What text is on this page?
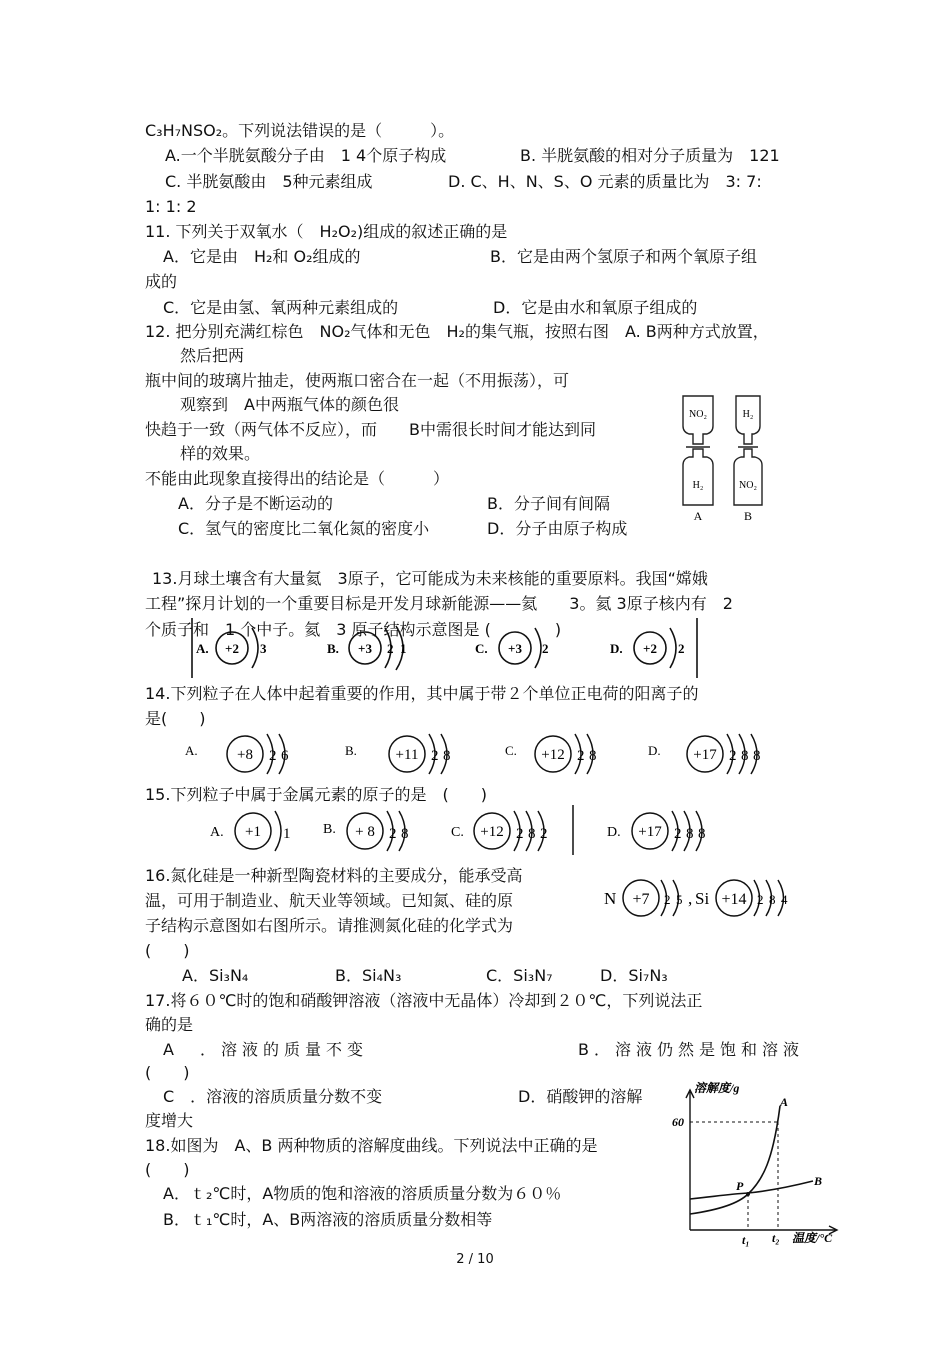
C₃H₇NSO₂。下列说法错误的是（　　　）。
A.一个半胱氨酸分子由　1 4个原子构成	B. 半胱氨酸的相对分子质量为　121
C. 半胱氨酸由　5种元素组成	D. C、H、N、S、O 元素的质量比为　3: 7:
1: 1: 2
11. 下列关于双氧水（　H₂O₂)组成的叙述正确的是
A．它是由　H₂和 O₂组成的	B．它是由两个氢原子和两个氧原子组
成的
C．它是由氢、氧两种元素组成的	D．它是由水和氧原子组成的
12. 把分别充满红棕色　NO₂气体和无色　H₂的集气瓶，按照右图　A. B两种方式放置，
然后把两
瓶中间的玻璃片抽走，使两瓶口密合在一起（不用振荡），可
观察到　A中两瓶气体的颜色很
快趋于一致（两气体不反应），而　　B中需很长时间才能达到同
样的效果。
不能由此现象直接得出的结论是（　　　）
A．分子是不断运动的	B．分子间有间隔
C．氢气的密度比二氧化氮的密度小	D．分子由原子构成
NO₂
H₂
H₂
NO₂
A	B
13.月球土壤含有大量氦　3原子，它可能成为未来核能的重要原料。我国“嫦娥
工程”探月计划的一个重要目标是开发月球新能源——氦　　3。氦 3原子核内有　2
个质子和　1 个中子。氦　3 原子结构示意图是 (　　　　)
A. +2 3	B. +3 2 1	C. +3 2	D. +2 2
14.下列粒子在人体中起着重要的作用，其中属于带２个单位正电荷的阳离子的
是(　　)
A.	+8 2 6	B.	+11 2 8	C. +12 2 8	D. +17 2 8 8
15.下列粒子中属于金属元素的原子的是　(　　)
A. +1 1 B. + 8 2 8	C. +12 2 8 2	D. +17 2 8 8
16.氮化硅是一种新型陶瓷材料的主要成分，能承受高
温，可用于制造业、航天业等领域。已知氮、硅的原
子结构示意图如右图所示。请推测氮化硅的化学式为
(　　)
A．Si₃N₄	B．Si₄N₃	C．Si₃N₇	D．Si₇N₃
N +7 2 5 , Si +14 2 8 4
17.将６０℃时的饱和硝酸钾溶液（溶液中无晶体）冷却到２０℃，下列说法正
确的是
A　．溶液的质量不变	B．溶液仍然是饱和溶液
(　　)
C　．溶液的溶质质量分数不变	D．硝酸钾的溶解
度增大
18.如图为　A、B 两种物质的溶解度曲线。下列说法中正确的是
(　　)
A．ｔ₂℃时，A物质的饱和溶液的溶质质量分数为６０％
B．ｔ₁℃时，A、B两溶液的溶质质量分数相等
溶解度/g
温度/°C
60
t₁ t₂
P
A
B
2 / 10
